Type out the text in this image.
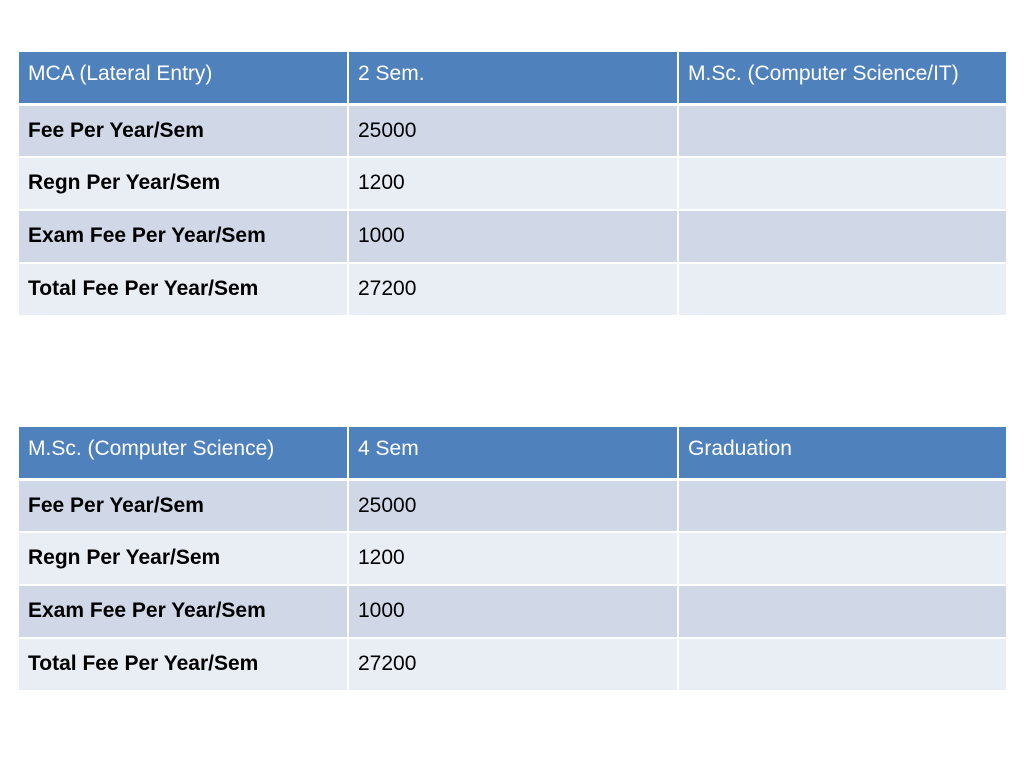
MCA (Lateral Entry)	2 Sem.	M.Sc. (Computer Science/IT)
Fee Per Year/Sem	25000	
Regn Per Year/Sem	1200	
Exam Fee Per Year/Sem	1000	
Total Fee Per Year/Sem	27200	
M.Sc. (Computer Science)	4 Sem	Graduation
Fee Per Year/Sem	25000	
Regn Per Year/Sem	1200	
Exam Fee Per Year/Sem	1000	
Total Fee Per Year/Sem	27200	
